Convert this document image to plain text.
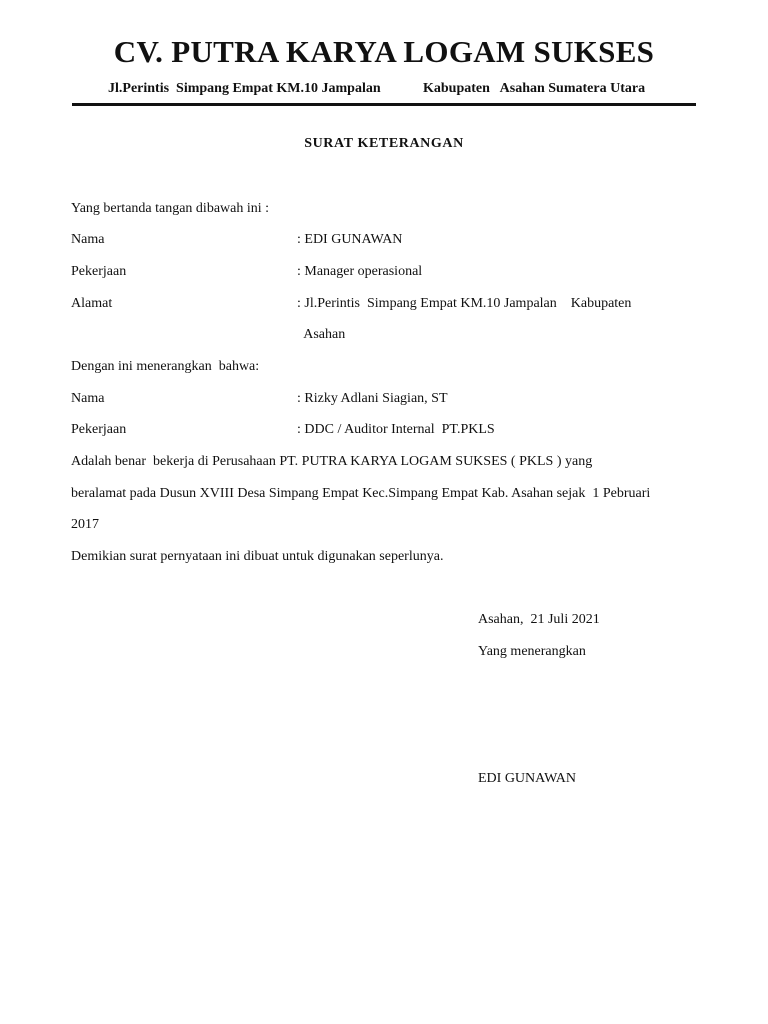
CV. PUTRA KARYA LOGAM SUKSES
Jl.Perintis  Simpang Empat KM.10 Jampalan	Kabupaten   Asahan Sumatera Utara
SURAT KETERANGAN
Yang bertanda tangan dibawah ini :
Nama	: EDI GUNAWAN
Pekerjaan	: Manager operasional
Alamat	: Jl.Perintis  Simpang Empat KM.10 Jampalan    Kabupaten
Asahan
Dengan ini menerangkan  bahwa:
Nama	: Rizky Adlani Siagian, ST
Pekerjaan	: DDC / Auditor Internal  PT.PKLS
Adalah benar  bekerja di Perusahaan PT. PUTRA KARYA LOGAM SUKSES ( PKLS ) yang
beralamat pada Dusun XVIII Desa Simpang Empat Kec.Simpang Empat Kab. Asahan sejak  1 Pebruari
2017
Demikian surat pernyataan ini dibuat untuk digunakan seperlunya.
Asahan,  21 Juli 2021
Yang menerangkan
EDI GUNAWAN
